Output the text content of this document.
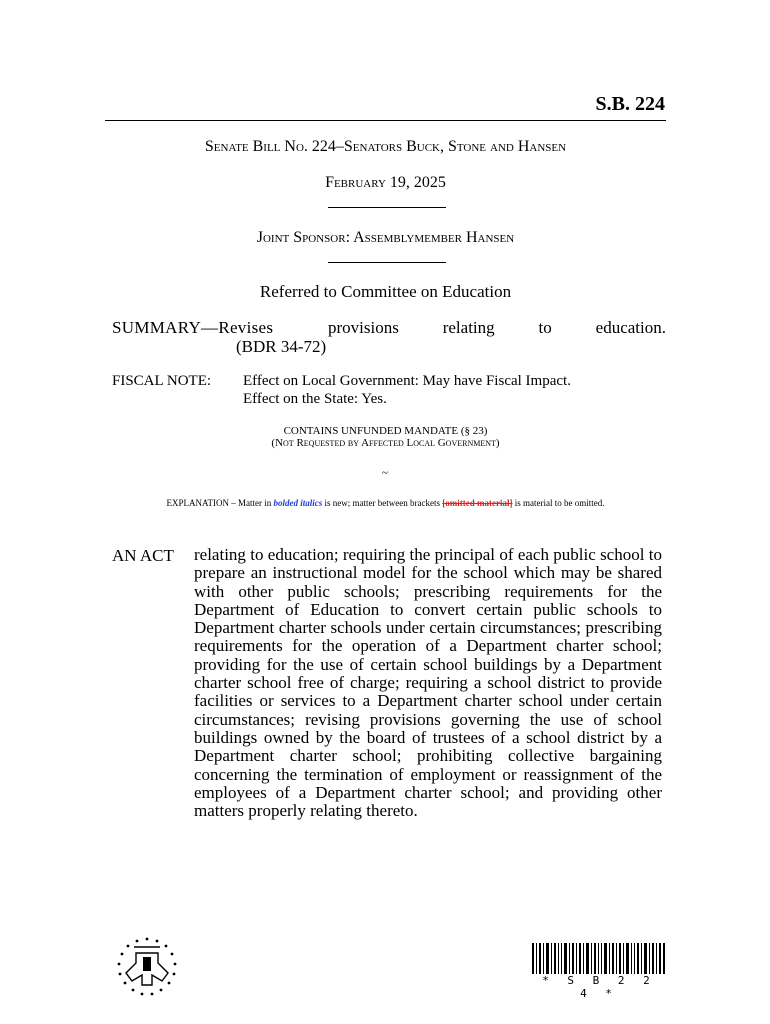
S.B. 224
Senate Bill No. 224–Senators Buck, Stone and Hansen
February 19, 2025
Joint Sponsor: Assemblymember Hansen
Referred to Committee on Education
SUMMARY—Revises	provisions relating to education.
(BDR 34-72)
FISCAL NOTE: Effect on Local Government: May have Fiscal Impact.
Effect on the State: Yes.
CONTAINS UNFUNDED MANDATE (§ 23)
(Not Requested by Affected Local Government)
~
EXPLANATION – Matter in bolded italics is new; matter between brackets [omitted material] is material to be omitted.
AN ACT relating to education; requiring the principal of each public school to prepare an instructional model for the school which may be shared with other public schools; prescribing requirements for the Department of Education to convert certain public schools to Department charter schools under certain circumstances; prescribing requirements for the operation of a Department charter school; providing for the use of certain school buildings by a Department charter school free of charge; requiring a school district to provide facilities or services to a Department charter school under certain circumstances; revising provisions governing the use of school buildings owned by the board of trustees of a school district by a Department charter school; prohibiting collective bargaining concerning the termination of employment or reassignment of the employees of a Department charter school; and providing other matters properly relating thereto.
* S B 2 2 4 *
